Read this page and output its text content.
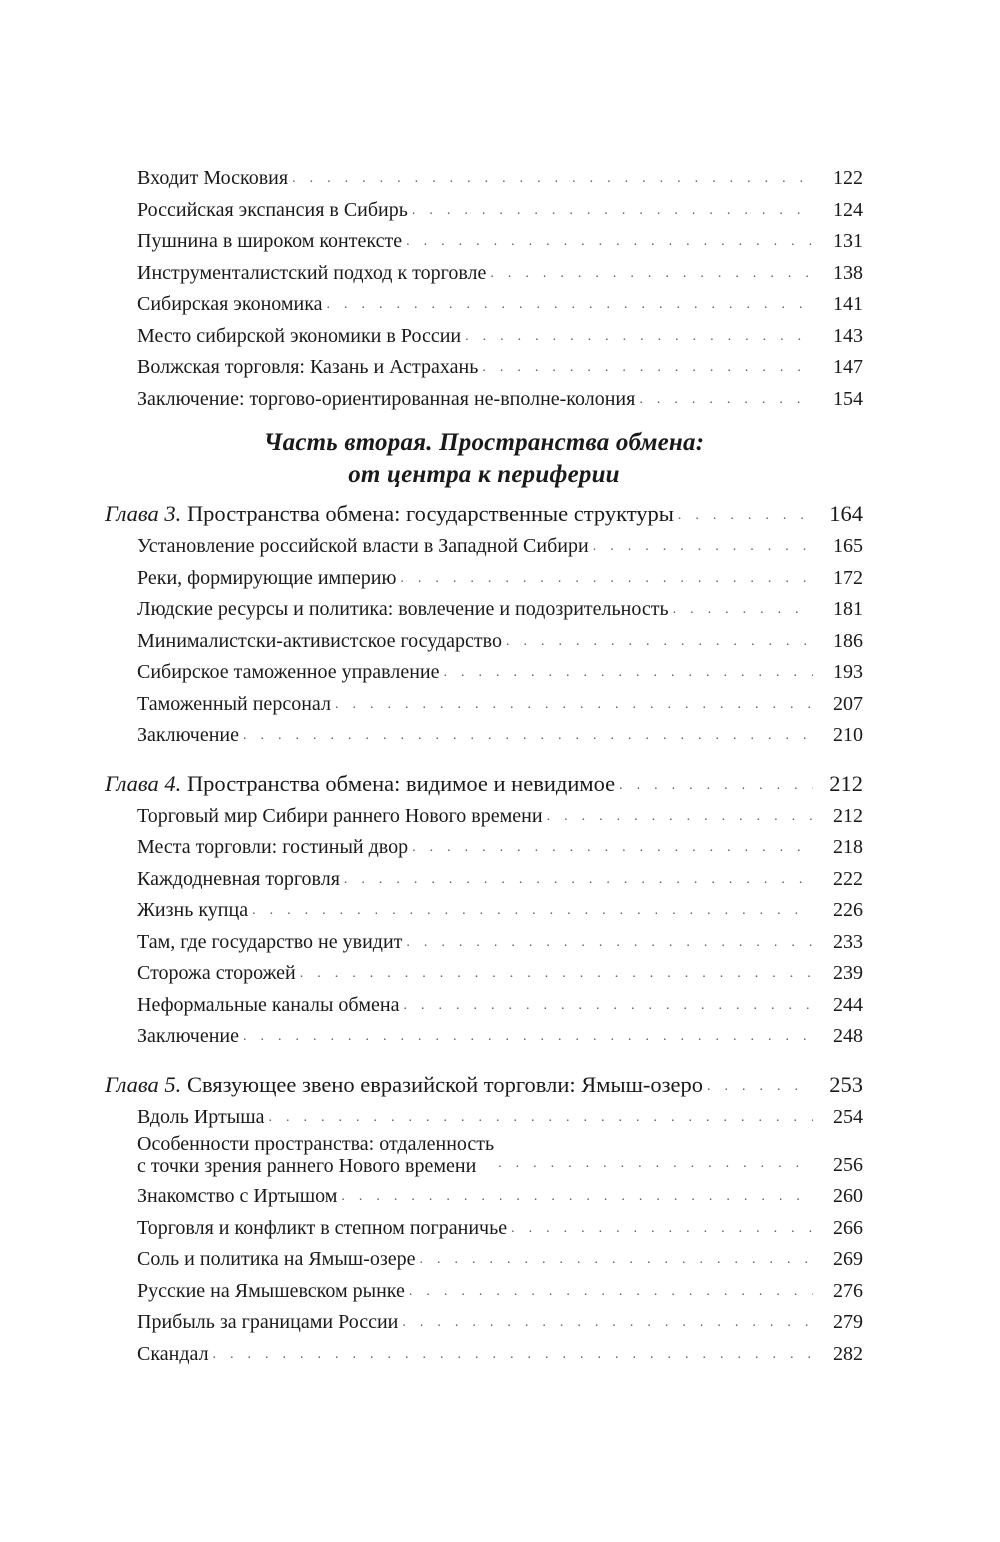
Входит Московия .	122
Российская экспансия в Сибирь .	124
Пушнина в широком контексте .	131
Инструменталистский подход к торговле .	138
Сибирская экономика .	141
Место сибирской экономики в России .	143
Волжская торговля: Казань и Астрахань .	147
Заключение: торгово-ориентированная не-вполне-колония .	154
Часть вторая. Пространства обмена:
от центра к периферии
Глава 3. Пространства обмена: государственные структуры .	164
Установление российской власти в Западной Сибири .	165
Реки, формирующие империю .	172
Людские ресурсы и политика: вовлечение и подозрительность .	181
Минималистски-активистское государство .	186
Сибирское таможенное управление .	193
Таможенный персонал .	207
Заключение .	210
Глава 4. Пространства обмена: видимое и невидимое .	212
Торговый мир Сибири раннего Нового времени .	212
Места торговли: гостиный двор .	218
Каждодневная торговля .	222
Жизнь купца .	226
Там, где государство не увидит .	233
Сторожа сторожей .	239
Неформальные каналы обмена .	244
Заключение .	248
Глава 5. Связующее звено евразийской торговли: Ямыш-озеро .	253
Вдоль Иртыша .	254
Особенности пространства: отдаленность
с точки зрения раннего Нового времени .	256
Знакомство с Иртышом .	260
Торговля и конфликт в степном пограничье .	266
Соль и политика на Ямыш-озере .	269
Русские на Ямышевском рынке .	276
Прибыль за границами России .	279
Скандал .	282
